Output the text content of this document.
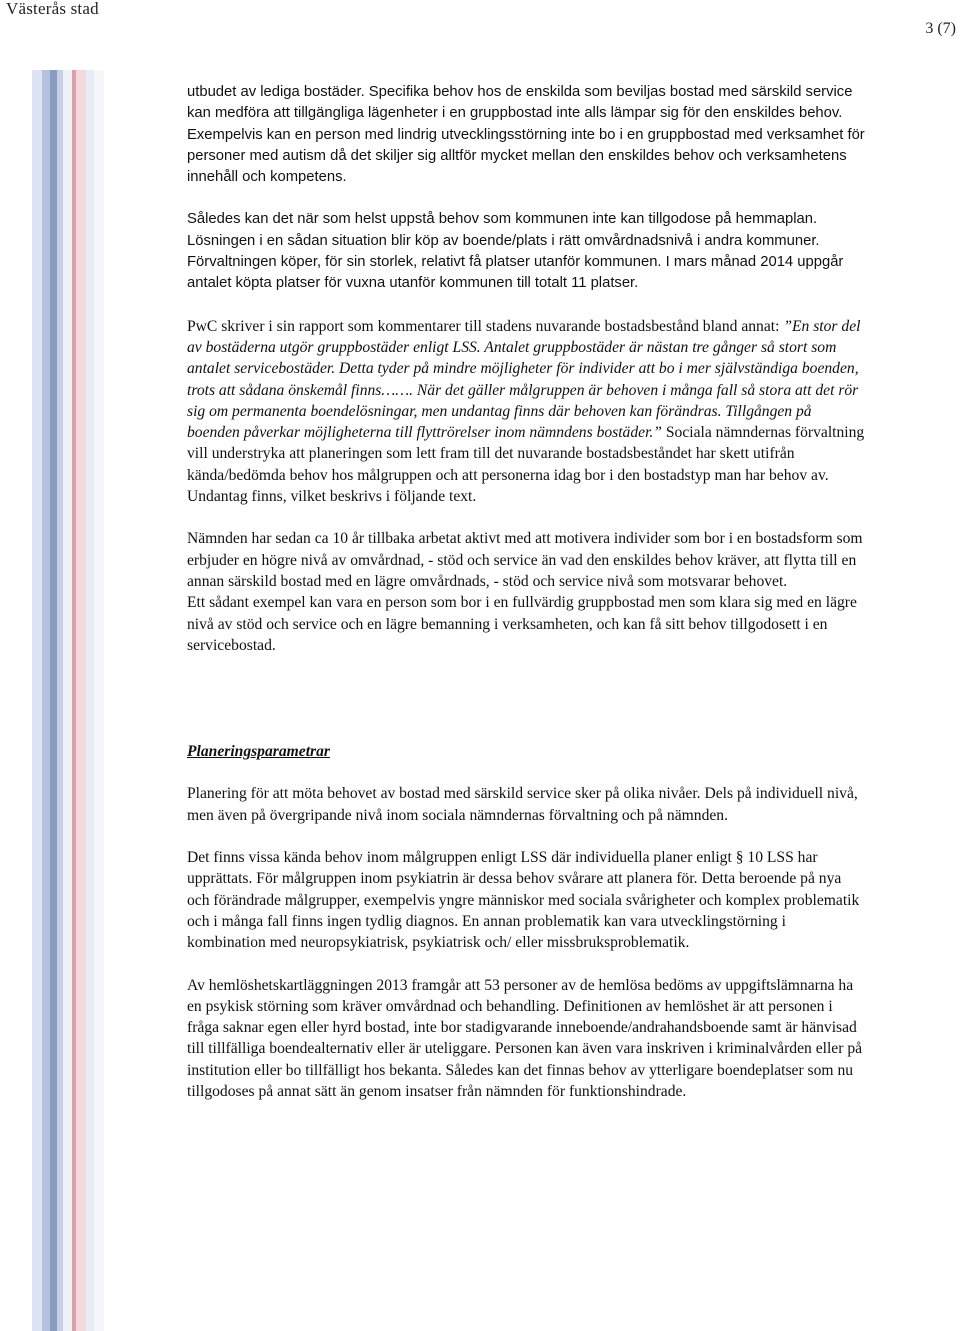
Västerås stad
3 (7)

utbudet av lediga bostäder. Specifika behov hos de enskilda som beviljas bostad med särskild service kan medföra att tillgängliga lägenheter i en gruppbostad inte alls lämpar sig för den enskildes behov. Exempelvis kan en person med lindrig utvecklingsstörning inte bo i en gruppbostad med verksamhet för personer med autism då det skiljer sig alltför mycket mellan den enskildes behov och verksamhetens innehåll och kompetens.

Således kan det när som helst uppstå behov som kommunen inte kan tillgodose på hemmaplan. Lösningen i en sådan situation blir köp av boende/plats i rätt omvårdnadsnivå i andra kommuner. Förvaltningen köper, för sin storlek, relativt få platser utanför kommunen. I mars månad 2014 uppgår antalet köpta platser för vuxna utanför kommunen till totalt 11 platser.

PwC skriver i sin rapport som kommentarer till stadens nuvarande bostadsbestånd bland annat: ”En stor del av bostäderna utgör gruppbostäder enligt LSS. Antalet gruppbostäder är nästan tre gånger så stort som antalet servicebostäder. Detta tyder på mindre möjligheter för individer att bo i mer självständiga boenden, trots att sådana önskemål finns……. När det gäller målgruppen är behoven i många fall så stora att det rör sig om permanenta boendelösningar, men undantag finns där behoven kan förändras. Tillgången på boenden påverkar möjligheterna till flyttrörelser inom nämndens bostäder.” Sociala nämndernas förvaltning vill understryka att planeringen som lett fram till det nuvarande bostadsbeståndet har skett utifrån kända/bedömda behov hos målgruppen och att personerna idag bor i den bostadstyp man har behov av. Undantag finns, vilket beskrivs i följande text.

Nämnden har sedan ca 10 år tillbaka arbetat aktivt med att motivera individer som bor i en bostadsform som erbjuder en högre nivå av omvårdnad, - stöd och service än vad den enskildes behov kräver, att flytta till en annan särskild bostad med en lägre omvårdnads, - stöd och service nivå som motsvarar behovet.

Ett sådant exempel kan vara en person som bor i en fullvärdig gruppbostad men som klara sig med en lägre nivå av stöd och service och en lägre bemanning i verksamheten, och kan få sitt behov tillgodosett i en servicebostad.

Planeringsparametrar

Planering för att möta behovet av bostad med särskild service sker på olika nivåer. Dels på individuell nivå, men även på övergripande nivå inom sociala nämndernas förvaltning och på nämnden.

Det finns vissa kända behov inom målgruppen enligt LSS där individuella planer enligt § 10 LSS har upprättats. För målgruppen inom psykiatrin är dessa behov svårare att planera för. Detta beroende på nya och förändrade målgrupper, exempelvis yngre människor med sociala svårigheter och komplex problematik och i många fall finns ingen tydlig diagnos. En annan problematik kan vara utvecklingstörning i kombination med neuropsykiatrisk, psykiatrisk och/ eller missbruksproblematik.

Av hemlöshetskartläggningen 2013 framgår att 53 personer av de hemlösa bedöms av uppgiftslämnarna ha en psykisk störning som kräver omvårdnad och behandling. Definitionen av hemlöshet är att personen i fråga saknar egen eller hyrd bostad, inte bor stadigvarande inneboende/andrahandsboende samt är hänvisad till tillfälliga boendealternativ eller är uteliggare. Personen kan även vara inskriven i kriminalvården eller på institution eller bo tillfälligt hos bekanta. Således kan det finnas behov av ytterligare boendeplatser som nu tillgodoses på annat sätt än genom insatser från nämnden för funktionshindrade.
